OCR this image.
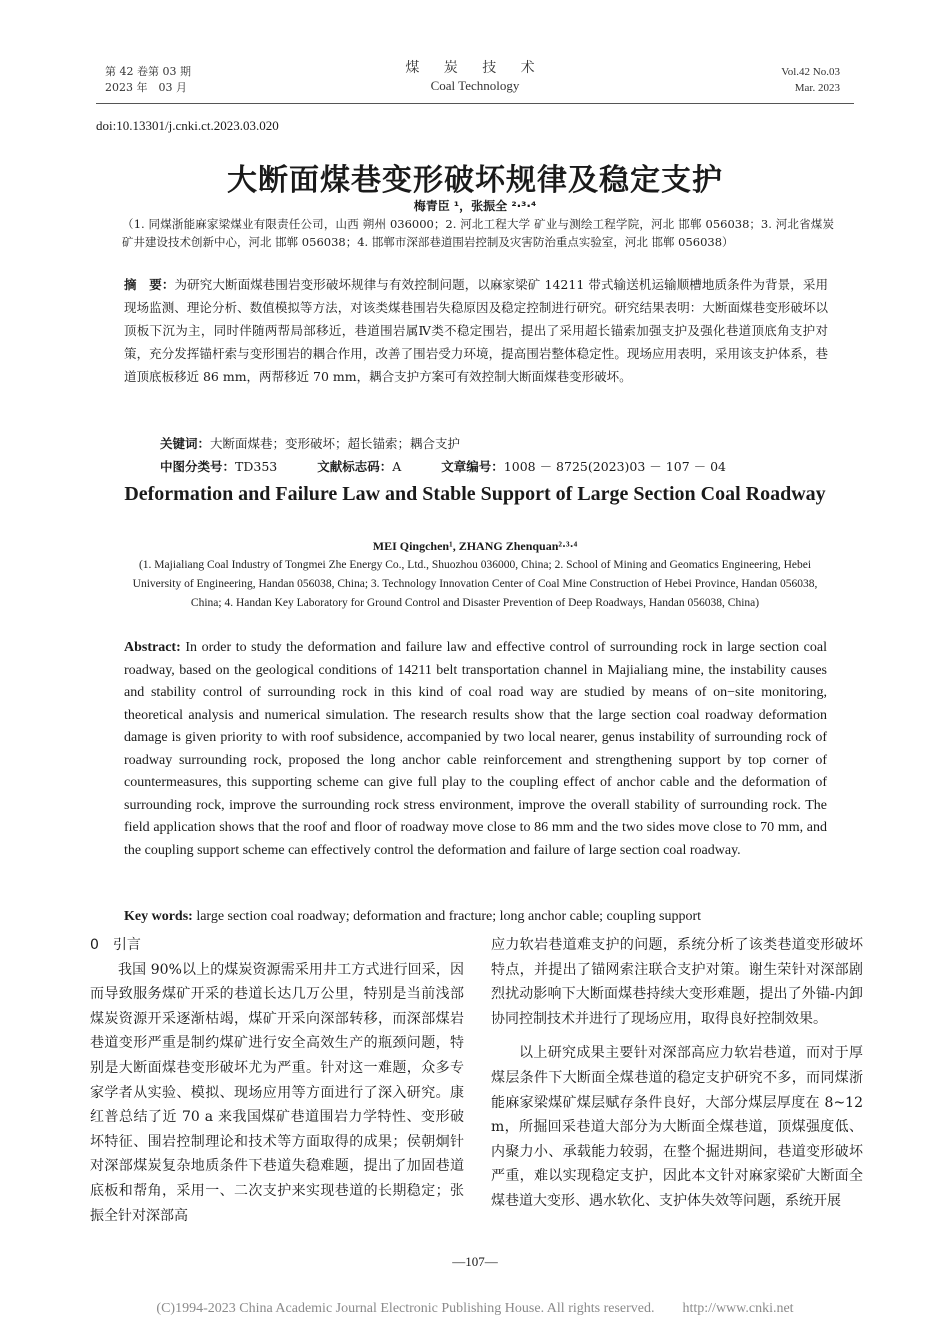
第 42 卷第 03 期
2023 年　03 月
煤 炭 技 术
Coal Technology
Vol.42 No.03
Mar. 2023
doi:10.13301/j.cnki.ct.2023.03.020
大断面煤巷变形破坏规律及稳定支护
梅青臣 ¹，张振全 ²·³·⁴
（1. 同煤浙能麻家梁煤业有限责任公司，山西 朔州 036000；2. 河北工程大学 矿业与测绘工程学院，河北 邯郸 056038；3. 河北省煤炭矿井建设技术创新中心，河北 邯郸 056038；4. 邯郸市深部巷道围岩控制及灾害防治重点实验室，河北 邯郸 056038）
摘　要：为研究大断面煤巷围岩变形破坏规律与有效控制问题，以麻家梁矿 14211 带式输送机运输顺槽地质条件为背景，采用现场监测、理论分析、数值模拟等方法，对该类煤巷围岩失稳原因及稳定控制进行研究。研究结果表明：大断面煤巷变形破坏以顶板下沉为主，同时伴随两帮局部移近，巷道围岩属Ⅳ类不稳定围岩，提出了采用超长锚索加强支护及强化巷道顶底角支护对策，充分发挥锚杆索与变形围岩的耦合作用，改善了围岩受力环境，提高围岩整体稳定性。现场应用表明，采用该支护体系，巷道顶底板移近 86 mm，两帮移近 70 mm，耦合支护方案可有效控制大断面煤巷变形破坏。
关键词：大断面煤巷；变形破坏；超长锚索；耦合支护
中图分类号：TD353	文献标志码：A	文章编号：1008 － 8725(2023)03 － 107 － 04
Deformation and Failure Law and Stable Support of Large Section Coal Roadway
MEI Qingchen¹, ZHANG Zhenquan²·³·⁴
(1. Majialiang Coal Industry of Tongmei Zhe Energy Co., Ltd., Shuozhou 036000, China; 2. School of Mining and Geomatics Engineering, Hebei University of Engineering, Handan 056038, China; 3. Technology Innovation Center of Coal Mine Construction of Hebei Province, Handan 056038, China; 4. Handan Key Laboratory for Ground Control and Disaster Prevention of Deep Roadways, Handan 056038, China)
Abstract: In order to study the deformation and failure law and effective control of surrounding rock in large section coal roadway, based on the geological conditions of 14211 belt transportation channel in Majialiang mine, the instability causes and stability control of surrounding rock in this kind of coal road way are studied by means of on−site monitoring, theoretical analysis and numerical simulation. The research results show that the large section coal roadway deformation damage is given priority to with roof subsidence, accompanied by two local nearer, genus instability of surrounding rock of roadway surrounding rock, proposed the long anchor cable reinforcement and strengthening support by top corner of countermeasures, this supporting scheme can give full play to the coupling effect of anchor cable and the deformation of surrounding rock, improve the surrounding rock stress environment, improve the overall stability of surrounding rock. The field application shows that the roof and floor of roadway move close to 86 mm and the two sides move close to 70 mm, and the coupling support scheme can effectively control the deformation and failure of large section coal roadway.
Key words: large section coal roadway; deformation and fracture; long anchor cable; coupling support
0　引言

我国 90%以上的煤炭资源需采用井工方式进行回采，因而导致服务煤矿开采的巷道长达几万公里，特别是当前浅部煤炭资源开采逐渐枯竭，煤矿开采向深部转移，而深部煤岩巷道变形严重是制约煤矿进行安全高效生产的瓶颈问题，特别是大断面煤巷变形破坏尤为严重。针对这一难题，众多专家学者从实验、模拟、现场应用等方面进行了深入研究。康红普总结了近 70 a 来我国煤矿巷道围岩力学特性、变形破坏特征、围岩控制理论和技术等方面取得的成果；侯朝炯针对深部煤炭复杂地质条件下巷道失稳难题，提出了加固巷道底板和帮角，采用一、二次支护来实现巷道的长期稳定；张振全针对深部高

应力软岩巷道难支护的问题，系统分析了该类巷道变形破坏特点，并提出了锚网索注联合支护对策。谢生荣针对深部剧烈扰动影响下大断面煤巷持续大变形难题，提出了外锚-内卸协同控制技术并进行了现场应用，取得良好控制效果。

以上研究成果主要针对深部高应力软岩巷道，而对于厚煤层条件下大断面全煤巷道的稳定支护研究不多，而同煤浙能麻家梁煤矿煤层赋存条件良好，大部分煤层厚度在 8~12 m，所掘回采巷道大部分为大断面全煤巷道，顶煤强度低、内聚力小、承载能力较弱，在整个掘进期间，巷道变形破坏严重，难以实现稳定支护，因此本文针对麻家梁矿大断面全煤巷道大变形、遇水软化、支护体失效等问题，系统开展

—107—
(C)1994-2023 China Academic Journal Electronic Publishing House. All rights reserved.　　http://www.cnki.net
